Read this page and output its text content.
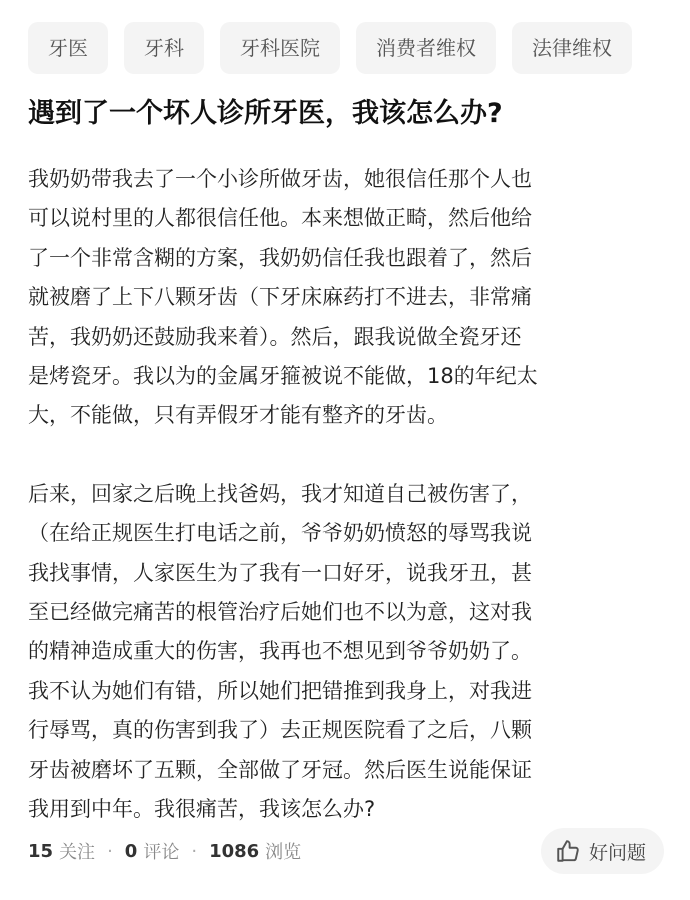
牙医	牙科	牙科医院	消费者维权	法律维权
遇到了一个坏人诊所牙医，我该怎么办?

我奶奶带我去了一个小诊所做牙齿，她很信任那个人也
可以说村里的人都很信任他。本来想做正畸，然后他给
了一个非常含糊的方案，我奶奶信任我也跟着了，然后
就被磨了上下八颗牙齿（下牙床麻药打不进去，非常痛
苦，我奶奶还鼓励我来着）。然后，跟我说做全瓷牙还
是烤瓷牙。我以为的金属牙箍被说不能做，18的年纪太
大，不能做，只有弄假牙才能有整齐的牙齿。

后来，回家之后晚上找爸妈，我才知道自己被伤害了，
（在给正规医生打电话之前，爷爷奶奶愤怒的辱骂我说
我找事情，人家医生为了我有一口好牙，说我牙丑，甚
至已经做完痛苦的根管治疗后她们也不以为意，这对我
的精神造成重大的伤害，我再也不想见到爷爷奶奶了。
我不认为她们有错，所以她们把错推到我身上，对我进
行辱骂，真的伤害到我了）去正规医院看了之后，八颗
牙齿被磨坏了五颗，全部做了牙冠。然后医生说能保证
我用到中年。我很痛苦，我该怎么办?

15 关注 · 0 评论 · 1086 浏览	好问题
